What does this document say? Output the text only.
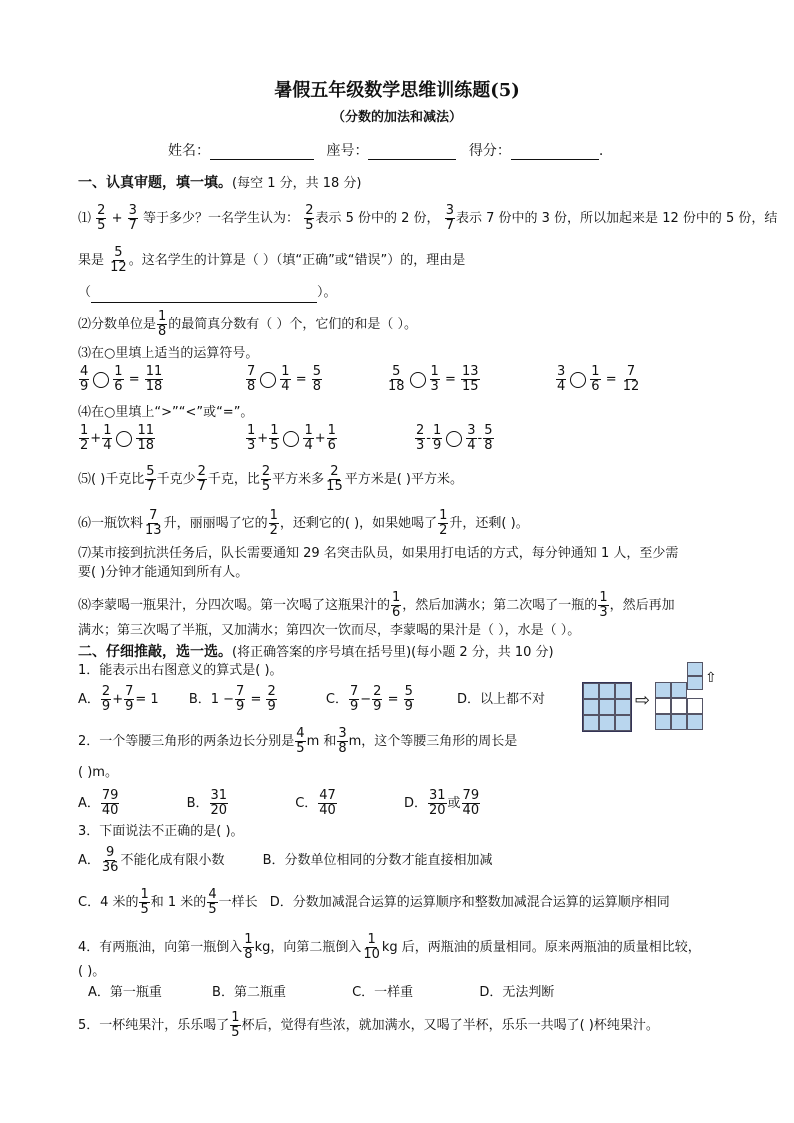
暑假五年级数学思维训练题(5)
（分数的加法和减法）
姓名：	座号：	得分：	.
一、认真审题，填一填。(每空 1 分，共 18 分)
⑴ $\frac{2}{5} + \frac{3}{7}$ 等于多少？一名学生认为： $\frac{2}{5}$ 表示 5 份中的 2 份， $\frac{3}{7}$ 表示 7 份中的 3 份，所以加起来是 12 份中的 5 份，结
果是 $\frac{5}{12}$ 。这名学生的计算是（ ）（填“正确”或“错误”）的，理由是
（	）。
⑵分数单位是 $\frac{1}{8}$ 的最简真分数有（ ）个，它们的和是（ ）。
⑶在○里填上适当的运算符号。
$\frac{4}{9} \frac{1}{6} = \frac{11}{18}$	$\frac{7}{8} \frac{1}{4} = \frac{5}{8}$	$\frac{5}{18} \frac{1}{3} = \frac{13}{15}$	$\frac{3}{4} \frac{1}{6} = \frac{7}{12}$
⑷在○里填上“>”“<”或“=”。
$\frac{1}{2} + \frac{1}{4} \frac{11}{18}$	$\frac{1}{3} + \frac{1}{5} \frac{1}{4} + \frac{1}{6}$	$\frac{2}{3} - \frac{1}{9} \frac{3}{4} - \frac{5}{8}$
⑸( )千克比 $\frac{5}{7}$ 千克少 $\frac{2}{7}$ 千克，比 $\frac{2}{5}$ 平方米多 $\frac{2}{15}$ 平方米是( )平方米。
⑹一瓶饮料 $\frac{7}{13}$ 升，丽丽喝了它的 $\frac{1}{2}$ ，还剩它的( )，如果她喝了 $\frac{1}{2}$ 升，还剩( )。
⑺某市接到抗洪任务后，队长需要通知 29 名突击队员，如果用打电话的方式，每分钟通知 1 人，至少需
要( )分钟才能通知到所有人。
⑻李蒙喝一瓶果汁，分四次喝。第一次喝了这瓶果汁的 $\frac{1}{6}$ ，然后加满水；第二次喝了一瓶的 $\frac{1}{3}$ ，然后再加
满水；第三次喝了半瓶，又加满水；第四次一饮而尽，李蒙喝的果汁是（ ），水是（ ）。
二、仔细推敲，选一选。(将正确答案的序号填在括号里)(每小题 2 分，共 10 分)
1．能表示出右图意义的算式是( )。
A． $\frac{2}{9} + \frac{7}{9} = 1$ B．$1 - \frac{7}{9} = \frac{2}{9}$	C． $\frac{7}{9} - \frac{2}{9} = \frac{5}{9}$	D．以上都不对	⇨
⇧
2．一个等腰三角形的两条边长分别是 $\frac{4}{5}$ m 和 $\frac{3}{8}$ m，这个等腰三角形的周长是
( )m。
A． $\frac{79}{40}$	B． $\frac{31}{20}$	C． $\frac{47}{40}$	D． $\frac{31}{20}$ 或 $\frac{79}{40}$
3．下面说法不正确的是( )。
A． $\frac{9}{36}$ 不能化成有限小数	B．分数单位相同的分数才能直接相加减
C．4 米的 $\frac{1}{5}$ 和 1 米的 $\frac{4}{5}$ 一样长 D．分数加减混合运算的运算顺序和整数加减混合运算的运算顺序相同
4．有两瓶油，向第一瓶倒入 $\frac{1}{8}$ kg，向第二瓶倒入 $\frac{1}{10}$ kg 后，两瓶油的质量相同。原来两瓶油的质量相比较，
( )。
A．第一瓶重	B．第二瓶重	C．一样重	D．无法判断
5．一杯纯果汁，乐乐喝了 $\frac{1}{5}$ 杯后，觉得有些浓，就加满水，又喝了半杯，乐乐一共喝了( )杯纯果汁。
